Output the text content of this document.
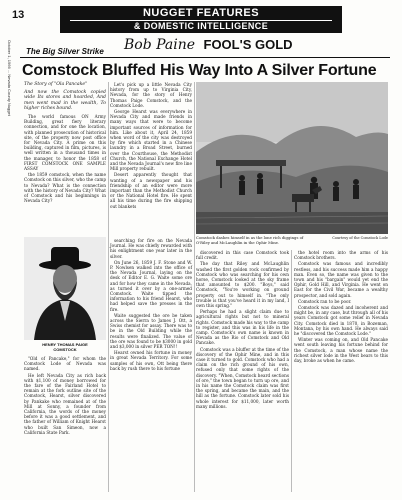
13
October 1, 1966 ... Nevada County Nugget
NUGGET FEATURES
& DOMESTIC INTELLIGENCE
The Big Silver Strike Bob Paine FOOL'S GOLD
Comstock Bluffed His Way Into A Silver Fortune

The Story of "Ola Pancake"

And now the Comstock copied wide Its stores and hoarded, And men went mad in the wealth, To higher riches bound.

The world famous ON Army Building, great fiery literary connection, and for one the location, with planned prosecution of historical site, of the property now post office for Nevada City. A prime on this building, captured in film, pictures, is well written in a thousand times in the manager, to honor the 1858 of FIRST COMSTOCK ONE SAMPLE ASSAY

the 1859 comstock, when the name Comstock on this silver, who the camp to Nevada? What is the connection with the history of Nevada City? What of Comstock and his beginnings in Nevada City?

Let's pick up a little Nevada City history from up to Virginia City, Nevada, for the story of Henry Thomas Paige Comstock, and the Comstock Lode.

George Hearst was everywhere in Nevada City and made friends in many ways that were to become important sources of information for him. Like about it, April 24, 1859 when word of the city was destroyed by fire which started in a Chinese laundry in a Broad Street, burned over the Courthouse, the Methodist Church, the National Exchange Hotel and the Nevada Journal's new fire line Mill property rebuilt.

Desert apparently thought that wanting of a newspaper and his friendship of an editor were more important than the Methodist Church or the National Hotel fire. He spent all his time during the fire shipping out blankets

Comstock dashes himself in as the lone rich diggings of O'Riley and McLaughlin in the Ophir Mine.
Courtesy of the Comstock Lode
HENRY THOMAS PAIGE
COMSTOCK

"Old of Pancake," for whom the Comstock Lode of Nevada was named.

He left Nevada City as rich back with $1,100 of money borrowed for the fare of the Fairland Hotel to remain at the fork outline site of the Comstock, Hearst, silver discovered by Pankake who remained at of the Mill at Sonny, a founder from California, the words of the money before it was a good settlement, and the father of William of Knight Hearst who built San Simeon, now a California State Park.

searching for fire on the Nevada Journal. He was chiefly rewarded with his enlightment one year later in the silver.

On June 26, 1859 J. F. Stone and W. P. Nowlsen walked into the office of the Nevada Journal, laying on the desk of Editor E. G. Waite some ore and for how they came in the Nevada, as turned it over by a one-armed Comstock. Waite tipped the information to his friend Hearst, who had helped save the presses in the fire.

Waite suggested the ore be taken across the Sierra to James J. Ott, a Swiss chemist for assay. There was to be in the Old Building while the results were finalized. The value of the ore was found to be $3000 in gold and $3,000 in silver PER TON!!

Hearst owned his fortune in money in great Nevada Territory. For some samples of his own, Ott being there back by rush there to his fortune

discovered in this case Comstock took full credit.

The day that Riley and McLaughlin washed the first golden rock confirmed by Comstock who was searching for his own horse, Comstock looked at the sky frame that amounted to $200. "Boys," said Comstock, "You're working on ground property out to himself in. "The only trouble is that you've heard it in my land, I own this spring."

Perhaps he had a slight claim due to agricultural rights but not to mineral rights. Comstock made his way to the camp to register, and this was in his life in the camp. Comstock's own name is known in Nevada as the Rio of Comstock and Old Pancake.

Comstock was a bluffer at the time of the discovery of the Ophir Mine, and in this case it turned to gold. Comstock who had a claim on the rich ground of his own, refused only that some rights of the discovery. "When, Comstock heard sections of ore," the town began to turn up ore, and in his name the Comstock claim was first the spring, and became the main, and the hill as the fortune. Comstock later sold his whole interest for $11,000, later worth many millions.

the hotel room into the arms of his Comstock brothers.

Comstock was famous and incredibly restless, and his success made him a happy man. Even so, the name was given to the town and his "bargain" would yet end the Ophir, Gold Hill, and Virginia. He went on East for the Civil War, became a wealthy prospector, and sold again.

Comstock ran to be poor.

Comstock was dazed and incoherent and might be, in any case, but through all of his years Comstock got some relief in Nevada City. Comstock died in 1870, in Bozeman, Montana, by his own hand. He always said he "discovered the Comstock Lode."

Winter was coming on, and Old Pancake went south leaving his fortune behind for the Comstock, a man whose name the richest silver lode in the West bears to this day, broke as when he came.
